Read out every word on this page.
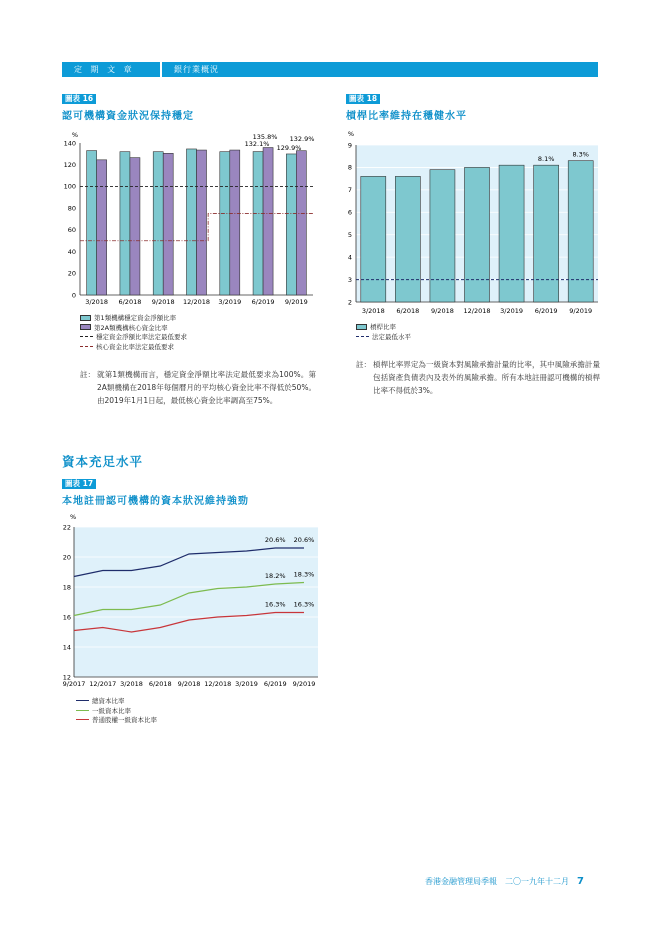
定 期 文 章	銀行業概況
圖表 16
認可機構資金狀況保持穩定
圖表 18
槓桿比率維持在穩健水平
%
0
20
40
60
80
100
120
140
3/2018 6/2018 9/2018 12/2018 3/2019 6/2019 9/2019
135.8%
132.1% 129.9%
132.9%
%
2
3
4
5
6
7
8
9
3/2018 6/2018 9/2018 12/2018 3/2019 6/2019 9/2019
8.1%
8.3%
第1類機構穩定資金淨額比率
第2A類機構核心資金比率
穩定資金淨額比率法定最低要求
核心資金比率法定最低要求
槓桿比率
法定最低水平
註： 就第1類機構而言，穩定資金淨額比率法定最低要求為100%。第2A類機構在2018年每個曆月的平均核心資金比率不得低於50%。由2019年1月1日起，最低核心資金比率調高至75%。
註： 槓桿比率界定為一級資本對風險承擔計量的比率，其中風險承擔計量包括資產負債表內及表外的風險承擔。所有本地註冊認可機構的槓桿比率不得低於3%。
資本充足水平
圖表 17
本地註冊認可機構的資本狀況維持強勁
%
12
14
16
18
20
22
9/2017 12/2017 3/2018 6/2018 9/2018 12/2018 3/2019 6/2019 9/2019
20.6% 20.6%
18.2% 18.3%
16.3% 16.3%
總資本比率
一級資本比率
普通股權一級資本比率
香港金融管理局季報　二〇一九年十二月 7
